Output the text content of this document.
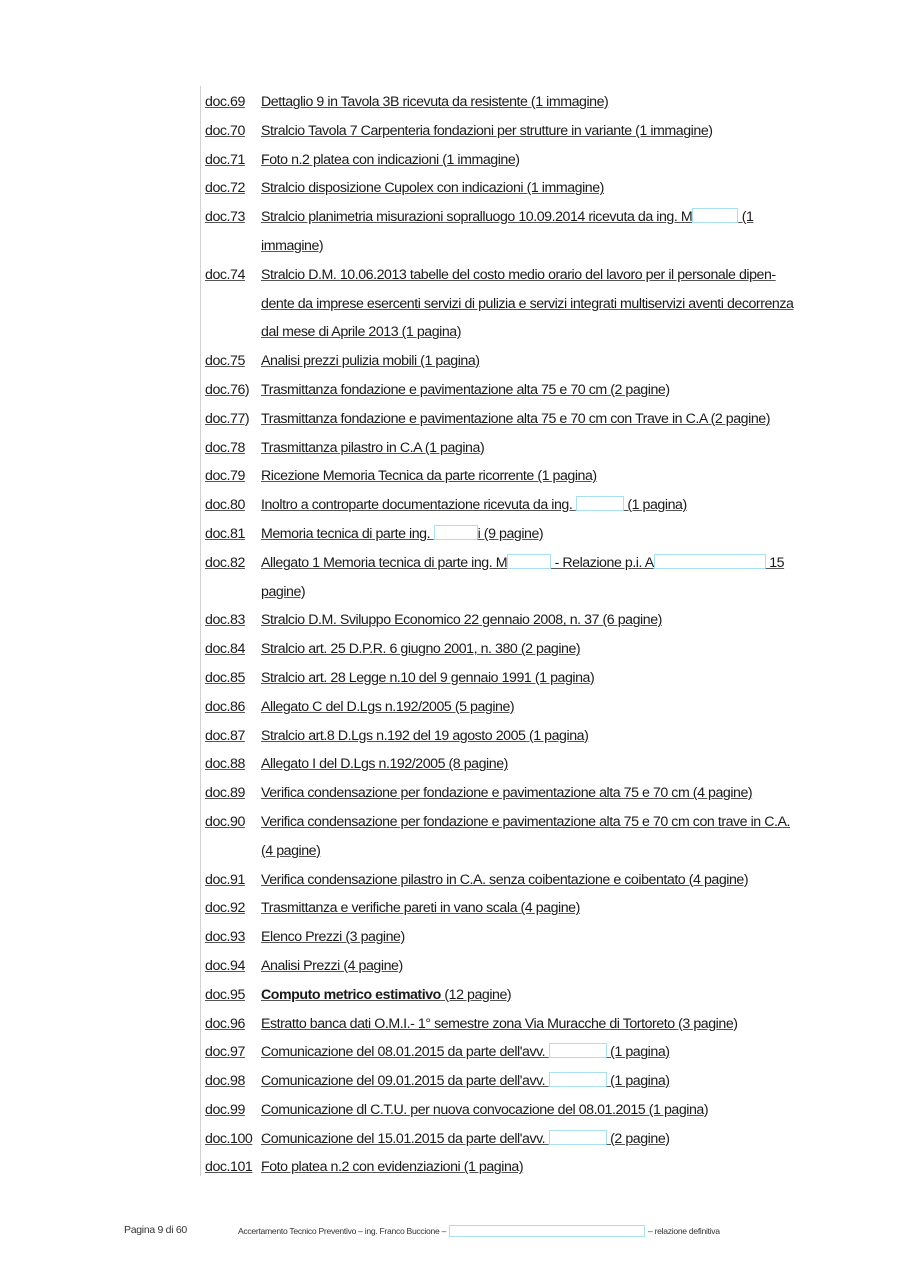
doc.69	Dettaglio 9 in Tavola 3B ricevuta da resistente (1 immagine)
doc.70	Stralcio Tavola 7 Carpenteria fondazioni per strutture in variante (1 immagine)
doc.71	Foto n.2 platea con indicazioni (1 immagine)
doc.72	Stralcio disposizione Cupolex con indicazioni (1 immagine)
doc.73	Stralcio planimetria misurazioni sopralluogo 10.09.2014 ricevuta da ing. M	(1 immagine)
doc.74	Stralcio D.M. 10.06.2013 tabelle del costo medio orario del lavoro per il personale dipen-dente da imprese esercenti servizi di pulizia e servizi integrati multiservizi aventi decorrenza dal mese di Aprile 2013 (1 pagina)
doc.75	Analisi prezzi pulizia mobili (1 pagina)
doc.76) Trasmittanza fondazione e pavimentazione alta 75 e 70 cm (2 pagine)
doc.77) Trasmittanza fondazione e pavimentazione alta 75 e 70 cm con Trave in C.A (2 pagine)
doc.78	Trasmittanza pilastro in C.A (1 pagina)
doc.79	Ricezione Memoria Tecnica da parte ricorrente (1 pagina)
doc.80	Inoltro a controparte documentazione ricevuta da ing.	(1 pagina)
doc.81	Memoria tecnica di parte ing.	i (9 pagine)
doc.82	Allegato 1 Memoria tecnica di parte ing. M	- Relazione p.i. A	15 pagine)
doc.83	Stralcio D.M. Sviluppo Economico 22 gennaio 2008, n. 37 (6 pagine)
doc.84	Stralcio art. 25 D.P.R. 6 giugno 2001, n. 380 (2 pagine)
doc.85	Stralcio art. 28 Legge n.10 del 9 gennaio 1991 (1 pagina)
doc.86	Allegato C del D.Lgs n.192/2005 (5 pagine)
doc.87	Stralcio art.8 D.Lgs n.192 del 19 agosto 2005 (1 pagina)
doc.88	Allegato I del D.Lgs n.192/2005 (8 pagine)
doc.89	Verifica condensazione per fondazione e pavimentazione alta 75 e 70 cm (4 pagine)
doc.90	Verifica condensazione per fondazione e pavimentazione alta 75 e 70 cm con trave in C.A. (4 pagine)
doc.91	Verifica condensazione pilastro in C.A. senza coibentazione e coibentato (4 pagine)
doc.92	Trasmittanza e verifiche pareti in vano scala (4 pagine)
doc.93	Elenco Prezzi (3 pagine)
doc.94	Analisi Prezzi (4 pagine)
doc.95	Computo metrico estimativo (12 pagine)
doc.96	Estratto banca dati O.M.I.- 1° semestre zona Via Muracche di Tortoreto (3 pagine)
doc.97	Comunicazione del 08.01.2015 da parte dell'avv.	(1 pagina)
doc.98	Comunicazione del 09.01.2015 da parte dell'avv.	(1 pagina)
doc.99	Comunicazione dl C.T.U. per nuova convocazione del 08.01.2015 (1 pagina)
doc.100 Comunicazione del 15.01.2015 da parte dell'avv.	(2 pagine)
doc.101 Foto platea n.2 con evidenziazioni (1 pagina)
Pagina 9 di 60	Accertamento Tecnico Preventivo – ing. Franco Buccione –	– relazione definitiva
